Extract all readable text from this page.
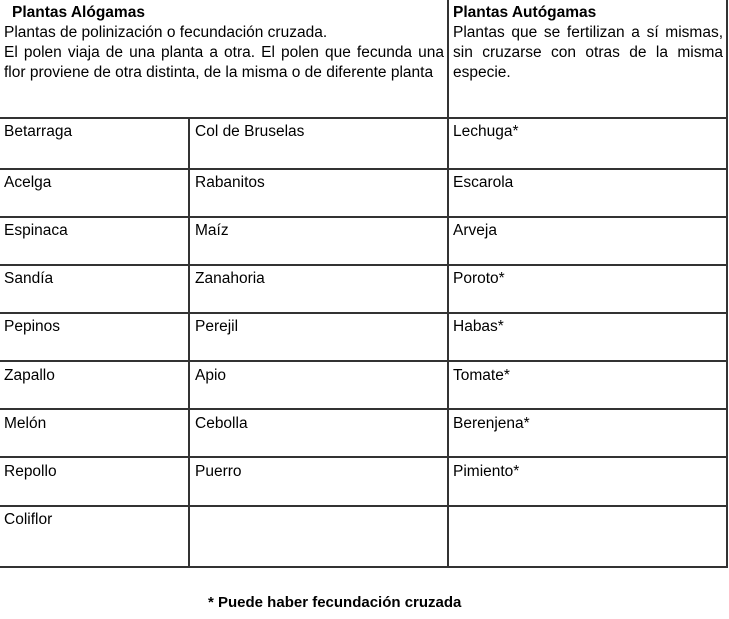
Plantas Alógamas
Plantas de polinización o fecundación cruzada.
El polen viaja de una planta a otra. El polen que fecunda una flor proviene de otra distinta, de la misma o de diferente planta
Plantas Autógamas
Plantas que se fertilizan a sí mismas, sin cruzarse con otras de la misma especie.
Betarraga	Col de Bruselas	Lechuga*
Acelga	Rabanitos	Escarola
Espinaca	Maíz	Arveja
Sandía	Zanahoria	Poroto*
Pepinos	Perejil	Habas*
Zapallo	Apio	Tomate*
Melón	Cebolla	Berenjena*
Repollo	Puerro	Pimiento*
Coliflor
* Puede haber fecundación cruzada
